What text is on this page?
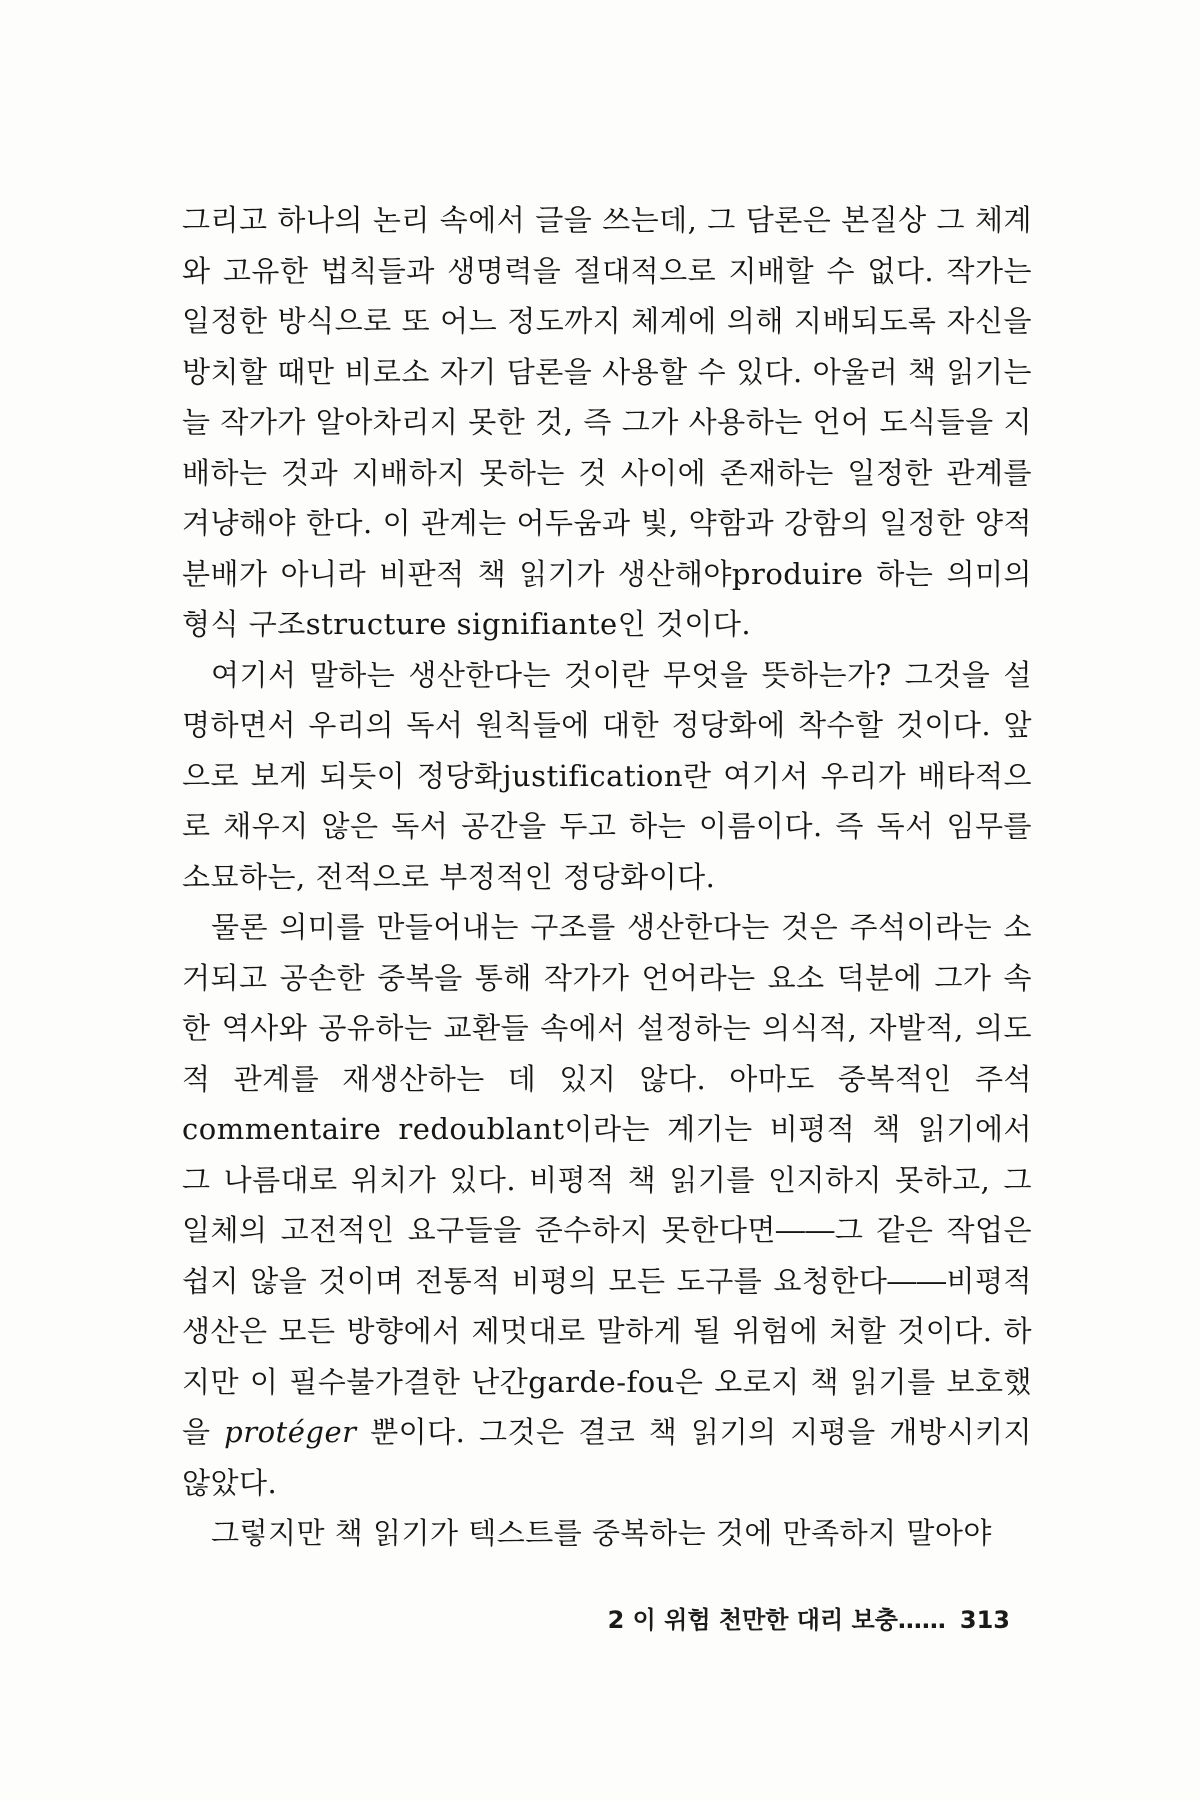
그리고 하나의 논리 속에서 글을 쓰는데, 그 담론은 본질상 그 체계와 고유한 법칙들과 생명력을 절대적으로 지배할 수 없다. 작가는 일정한 방식으로 또 어느 정도까지 체계에 의해 지배되도록 자신을 방치할 때만 비로소 자기 담론을 사용할 수 있다. 아울러 책 읽기는 늘 작가가 알아차리지 못한 것, 즉 그가 사용하는 언어 도식들을 지배하는 것과 지배하지 못하는 것 사이에 존재하는 일정한 관계를 겨냥해야 한다. 이 관계는 어두움과 빛, 약함과 강함의 일정한 양적 분배가 아니라 비판적 책 읽기가 생산해야produire 하는 의미의 형식 구조structure signifiante인 것이다.

여기서 말하는 생산한다는 것이란 무엇을 뜻하는가? 그것을 설명하면서 우리의 독서 원칙들에 대한 정당화에 착수할 것이다. 앞으로 보게 되듯이 정당화justification란 여기서 우리가 배타적으로 채우지 않은 독서 공간을 두고 하는 이름이다. 즉 독서 임무를 소묘하는, 전적으로 부정적인 정당화이다.

물론 의미를 만들어내는 구조를 생산한다는 것은 주석이라는 소거되고 공손한 중복을 통해 작가가 언어라는 요소 덕분에 그가 속한 역사와 공유하는 교환들 속에서 설정하는 의식적, 자발적, 의도적 관계를 재생산하는 데 있지 않다. 아마도 중복적인 주석commentaire redoublant이라는 계기는 비평적 책 읽기에서 그 나름대로 위치가 있다. 비평적 책 읽기를 인지하지 못하고, 그 일체의 고전적인 요구들을 준수하지 못한다면――그 같은 작업은 쉽지 않을 것이며 전통적 비평의 모든 도구를 요청한다――비평적 생산은 모든 방향에서 제멋대로 말하게 될 위험에 처할 것이다. 하지만 이 필수불가결한 난간garde-fou은 오로지 책 읽기를 보호했을 protéger 뿐이다. 그것은 결코 책 읽기의 지평을 개방시키지 않았다.

그렇지만 책 읽기가 텍스트를 중복하는 것에 만족하지 말아야

2 이 위험 천만한 대리 보충…… 313
